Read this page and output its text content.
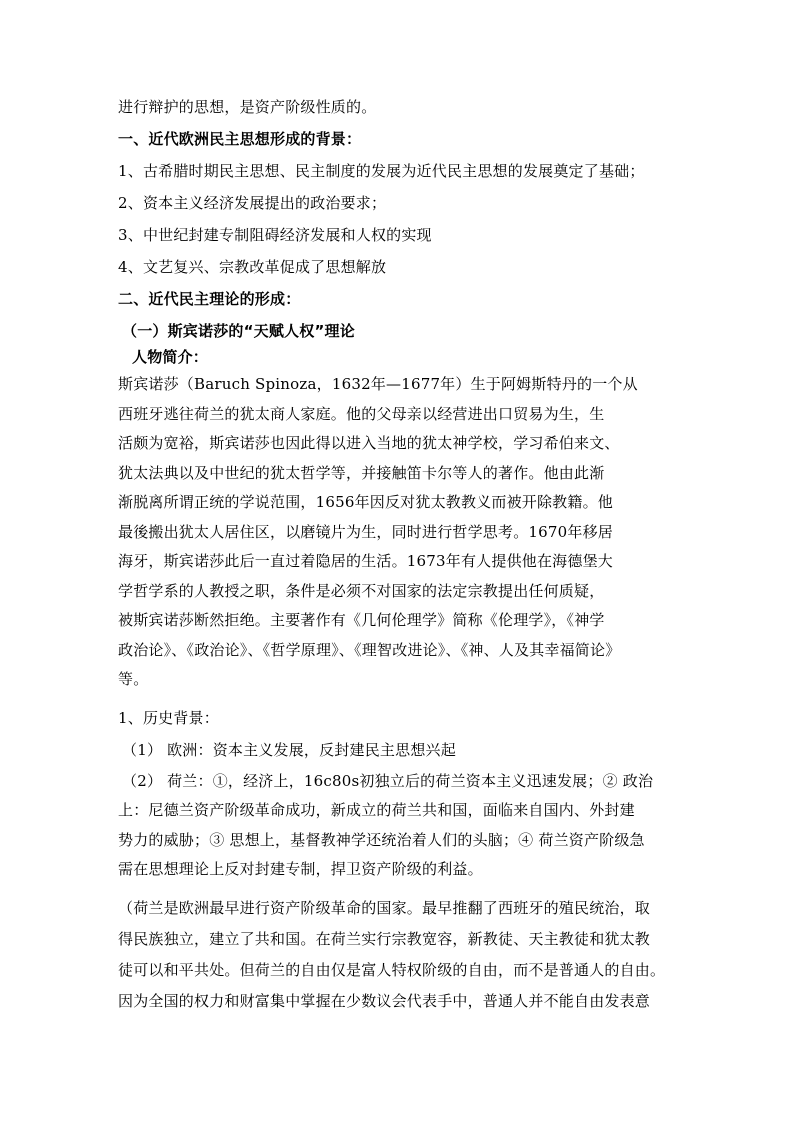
进行辩护的思想，是资产阶级性质的。
一、近代欧洲民主思想形成的背景：
1、古希腊时期民主思想、民主制度的发展为近代民主思想的发展奠定了基础；
2、资本主义经济发展提出的政治要求；
3、中世纪封建专制阻碍经济发展和人权的实现
4、文艺复兴、宗教改革促成了思想解放
二、近代民主理论的形成：
（一）斯宾诺莎的“天赋人权”理论
人物简介：
斯宾诺莎（Baruch Spinoza，1632年—1677年）生于阿姆斯特丹的一个从
西班牙逃往荷兰的犹太商人家庭。他的父母亲以经营进出口贸易为生，生
活颇为宽裕，斯宾诺莎也因此得以进入当地的犹太神学校，学习希伯来文、
犹太法典以及中世纪的犹太哲学等，并接触笛卡尔等人的著作。他由此渐
渐脱离所谓正统的学说范围，1656年因反对犹太教教义而被开除教籍。他
最後搬出犹太人居住区，以磨镜片为生，同时进行哲学思考。1670年移居
海牙，斯宾诺莎此后一直过着隐居的生活。1673年有人提供他在海德堡大
学哲学系的人教授之职，条件是必须不对国家的法定宗教提出任何质疑，
被斯宾诺莎断然拒绝。主要著作有《几何伦理学》简称《伦理学》，《神学
政治论》、《政治论》、《哲学原理》、《理智改进论》、《神、人及其幸福简论》
等。
1、历史背景：
（1） 欧洲：资本主义发展，反封建民主思想兴起
（2） 荷兰：①，经济上，16c80s初独立后的荷兰资本主义迅速发展；② 政治
上：尼德兰资产阶级革命成功，新成立的荷兰共和国，面临来自国内、外封建
势力的威胁；③ 思想上，基督教神学还统治着人们的头脑；④ 荷兰资产阶级急
需在思想理论上反对封建专制，捍卫资产阶级的利益。
（荷兰是欧洲最早进行资产阶级革命的国家。最早推翻了西班牙的殖民统治，取
得民族独立，建立了共和国。在荷兰实行宗教宽容，新教徒、天主教徒和犹太教
徒可以和平共处。但荷兰的自由仅是富人特权阶级的自由，而不是普通人的自由。
因为全国的权力和财富集中掌握在少数议会代表手中，普通人并不能自由发表意
